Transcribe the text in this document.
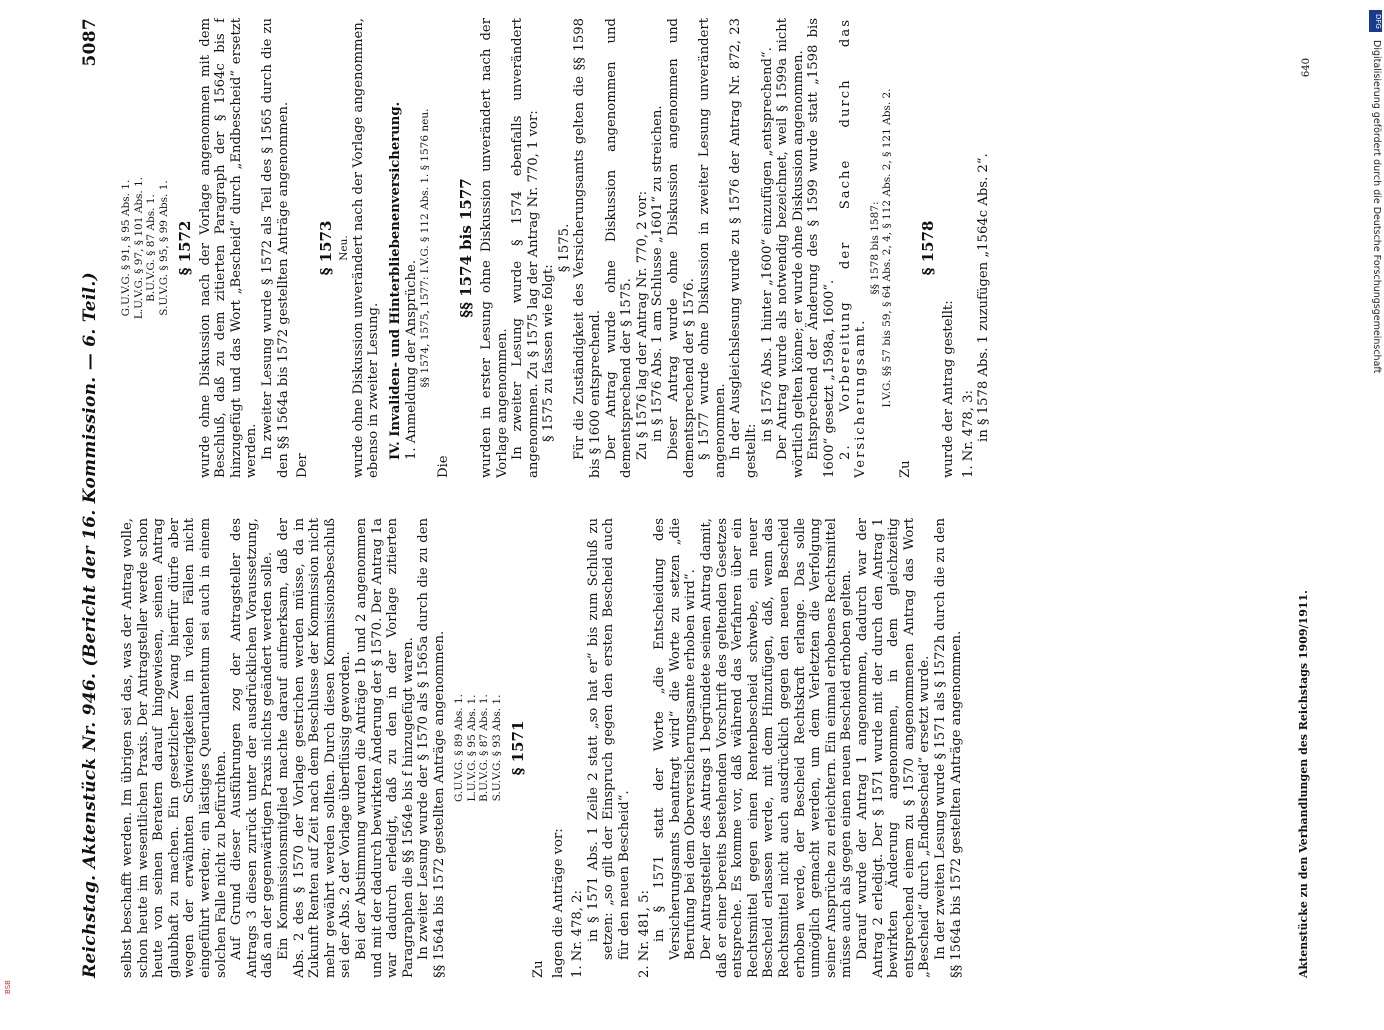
Reichstag. Aktenstück Nr. 946. (Bericht der 16. Kommission. — 6. Teil.)
5087

selbst beschafft werden. Im übrigen sei das, was der Antrag wolle, schon heute im wesentlichen Praxis. Der Antragsteller werde schon heute von seinen Beratern darauf hingewiesen, seinen Antrag glaubhaft zu machen. Ein gesetzlicher Zwang hierfür dürfe aber wegen der erwähnten Schwierigkeiten in vielen Fällen nicht eingeführt werden; ein lästiges Querulantentum sei auch in einem solchen Falle nicht zu befürchten. Auf Grund dieser Ausführungen zog der Antragsteller des Antrags 3 diesen zurück unter der ausdrücklichen Voraussetzung, daß an der gegenwärtigen Praxis nichts geändert werden solle. Ein Kommissionsmitglied machte darauf aufmerksam, daß der Abs. 2 des § 1570 der Vorlage gestrichen werden müsse, da in Zukunft Renten auf Zeit nach dem Beschlusse der Kommission nicht mehr gewährt werden sollten. Durch diesen Kommissionsbeschluß sei der Abs. 2 der Vorlage überflüssig geworden. Bei der Abstimmung wurden die Anträge 1b und 2 angenommen und mit der dadurch bewirkten Änderung der § 1570. Der Antrag 1a war dadurch erledigt, daß zu den in der Vorlage zitierten Paragraphen die §§ 1564e bis f hinzugefügt waren. In zweiter Lesung wurde der § 1570 als § 1565a durch die zu den §§ 1564a bis 1572 gestellten Anträge angenommen. G.U.V.G. § 89 Abs. 1. L.U.V.G. § 95 Abs. 1. B.U.V.G. § 87 Abs. 1. S.U.V.G. § 93 Abs. 1. § 1571

Zu lagen die Anträge vor: 1. Nr. 478, 2: in § 1571 Abs. 1 Zeile 2 statt „so hat er“ bis zum Schluß zu setzen: „so gilt der Einspruch gegen den ersten Bescheid auch für den neuen Bescheid“. 2. Nr. 481, 5: in § 1571 statt der Worte „die Entscheidung des Versicherungsamts beantragt wird“ die Worte zu setzen „die Berufung bei dem Oberversicherungsamte erhoben wird“. Der Antragsteller des Antrags 1 begründete seinen Antrag damit, daß er einer bereits bestehenden Vorschrift des geltenden Gesetzes entspreche. Es komme vor, daß während das Verfahren über ein Rechtsmittel gegen einen Rentenbescheid schwebe, ein neuer Bescheid erlassen werde, mit dem Hinzufügen, daß, wenn das Rechtsmittel nicht auch ausdrücklich gegen den neuen Bescheid erhoben werde, der Bescheid Rechtskraft erlange. Das solle unmöglich gemacht werden, um dem Verletzten die Verfolgung seiner Ansprüche zu erleichtern. Ein einmal erhobenes Rechtsmittel müsse auch als gegen einen neuen Bescheid erhoben gelten. Darauf wurde der Antrag 1 angenommen, dadurch war der Antrag 2 erledigt. Der § 1571 wurde mit der durch den Antrag 1 bewirkten Änderung angenommen, in dem gleichzeitig entsprechend einem zu § 1570 angenommenen Antrag das Wort „Bescheid“ durch „Endbescheid“ ersetzt wurde. In der zweiten Lesung wurde § 1571 als § 1572h durch die zu den §§ 1564a bis 1572 gestellten Anträge angenommen.

G.U.V.G. § 91, § 95 Abs. 1. L.U.V.G. § 97, § 101 Abs. 1. B.U.V.G. § 87 Abs. 1. S.U.V.G. § 95, § 99 Abs. 1. § 1572 wurde ohne Diskussion nach der Vorlage angenommen mit dem Beschluß, daß zu dem zitierten Paragraph der § 1564c bis f hinzugefügt und das Wort „Bescheid“ durch „Endbescheid“ ersetzt werden. In zweiter Lesung wurde § 1572 als Teil des § 1565 durch die zu den §§ 1564a bis 1572 gestellten Anträge angenommen. Der

§ 1573 Neu. wurde ohne Diskussion unverändert nach der Vorlage angenommen, ebenso in zweiter Lesung. IV. Invaliden- und Hinterbliebenenversicherung. 1. Anmeldung der Ansprüche. §§ 1574, 1575, 1577: I.V.G. § 112 Abs. 1. § 1576 neu.

Die

§§ 1574 bis 1577 wurden in erster Lesung ohne Diskussion unverändert nach der Vorlage angenommen. In zweiter Lesung wurde § 1574 ebenfalls unverändert angenommen. Zu § 1575 lag der Antrag Nr. 770, 1 vor: § 1575 zu fassen wie folgt:

§ 1575. Für die Zuständigkeit des Versicherungsamts gelten die §§ 1598 bis § 1600 entsprechend. Der Antrag wurde ohne Diskussion angenommen und dementsprechend der § 1575. Zu § 1576 lag der Antrag Nr. 770, 2 vor: in § 1576 Abs. 1 am Schlusse „1601“ zu streichen. Dieser Antrag wurde ohne Diskussion angenommen und dementsprechend der § 1576. § 1577 wurde ohne Diskussion in zweiter Lesung unverändert angenommen. In der Ausgleichslesung wurde zu § 1576 der Antrag Nr. 872, 23 gestellt:

in § 1576 Abs. 1 hinter „1600“ einzufügen „entsprechend“. Der Antrag wurde als notwendig bezeichnet, weil § 1599a nicht wörtlich gelten könne; er wurde ohne Diskussion angenommen. Entsprechend der Änderung des § 1599 wurde statt „1598 bis 1600“ gesetzt „1598a, 1600“. 2. Vorbereitung der Sache durch das Versicherungsamt.

§§ 1578 bis 1587: I.V.G. §§ 57 bis 59, § 64 Abs. 2, 4, § 112 Abs. 2, § 121 Abs. 2.

Zu

§ 1578

wurde der Antrag gestellt: 1. Nr. 478, 3: in § 1578 Abs. 1 zuzufügen „1564c Abs. 2“.

Aktenstücke zu den Verhandlungen des Reichstags 1909/1911.
640
DFG
Digitalisierung gefördert durch die Deutsche Forschungsgemeinschaft
BSB
